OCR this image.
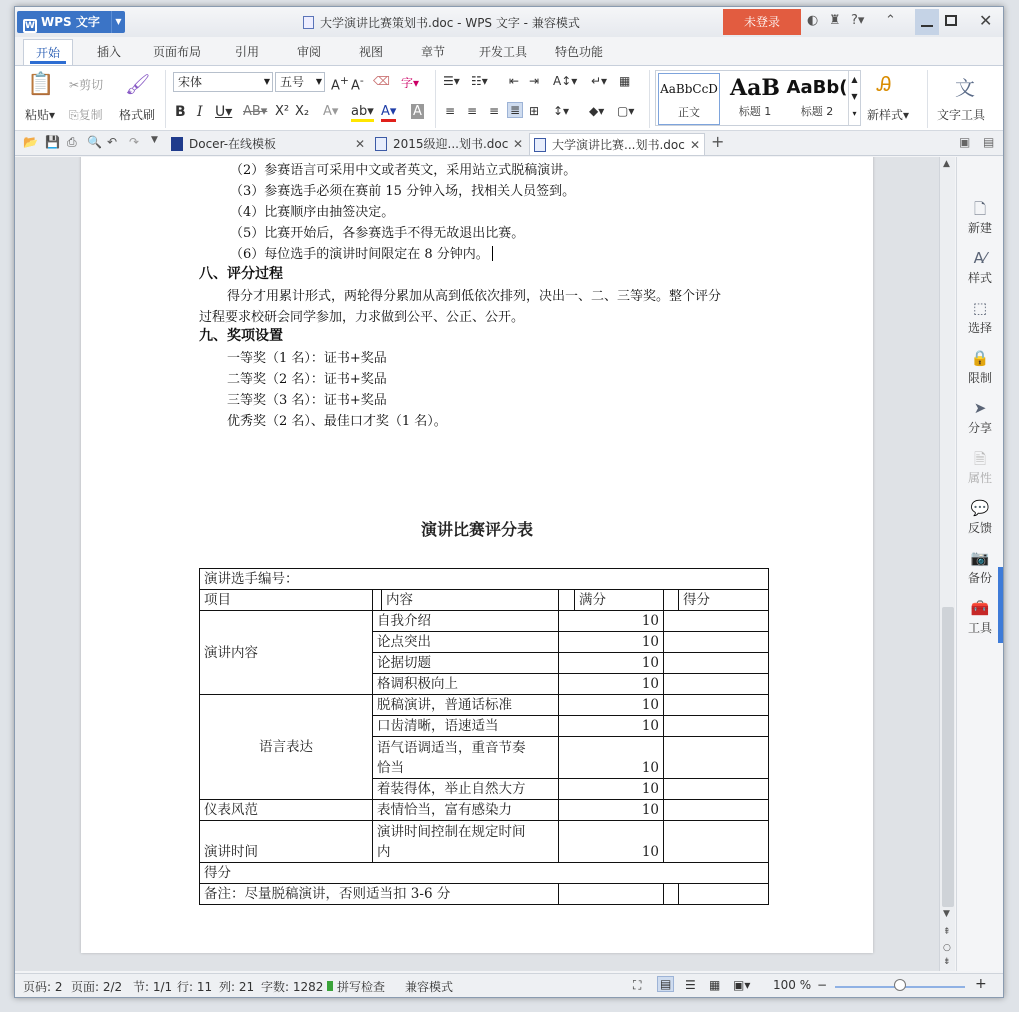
W WPS 文字	▼	大学演讲比赛策划书.doc - WPS 文字 - 兼容模式	未登录	◐ ♜ ?▾ ⌃	✕
开始	插入	页面布局	引用	审阅	视图	章节	开发工具 特色功能
📋
粘贴▾
✂剪切
⎘复制
🖌
格式刷
宋体	▼ 五号 ▼ A+ A- ⌫ 字▾
B I U▾ AB▾ X² X₂ A▾ ab▾ A▾ A
☰▾ ☷▾ ⇤ ⇥ A↕▾ ↵▾ ▦
≡ ≡ ≡ ≣ ⊞ ↕▾ ◆▾ ▢▾
AaBbCcD
正文
AaB
标题 1
AaBb(
标题 2
▲
▼
▾
Ꭿ
新样式▾
文
文字工具
📂 💾 ⎙ 🔍 ↶ ↷ ▼	Docer-在线模板	✕	2015级迎...划书.doc ✕	大学演讲比赛...划书.doc ✕ +	▣ ▤
（2）参赛语言可采用中文或者英文，采用站立式脱稿演讲。
（3）参赛选手必须在赛前 15 分钟入场，找相关人员签到。
（4）比赛顺序由抽签决定。
（5）比赛开始后，各参赛选手不得无故退出比赛。
（6）每位选手的演讲时间限定在 8 分钟内。
八、评分过程
得分才用累计形式，两轮得分累加从高到低依次排列，决出一、二、三等奖。整个评分
过程要求校研会同学参加，力求做到公平、公正、公开。
九、奖项设置
一等奖（1 名）：证书+奖品
二等奖（2 名）：证书+奖品
三等奖（3 名）：证书+奖品
优秀奖（2 名）、最佳口才奖（1 名）。
演讲比赛评分表
演讲选手编号：						
项目		内容		满分		得分
演讲内容	自我介绍		10			
	论点突出		10			
	论据切题		10			
	格调积极向上		10			
语言表达	脱稿演讲，普通话标准		10			
	口齿清晰，语速适当		10			
	语气语调适当，重音节奏
恰当		10			
	着装得体，举止自然大方		10			
仪表风范	表情恰当，富有感染力		10			
演讲时间	演讲时间控制在规定时间
内		10			
得分						
备注：尽量脱稿演讲，否则适当扣 3-6 分						
▲
▼
⇞
○
⇟
🗋
新建
A⁄
样式
⬚
选择
🔒
限制
➤
分享
🗎
属性
💬
反馈
📷
备份
🧰
工具
页码: 2 页面: 2/2 节: 1/1 行: 11 列: 21 字数: 1282	拼写检查 兼容模式	⛶ ▤ ☰ ▦ ▣▾ 100 % −	+
